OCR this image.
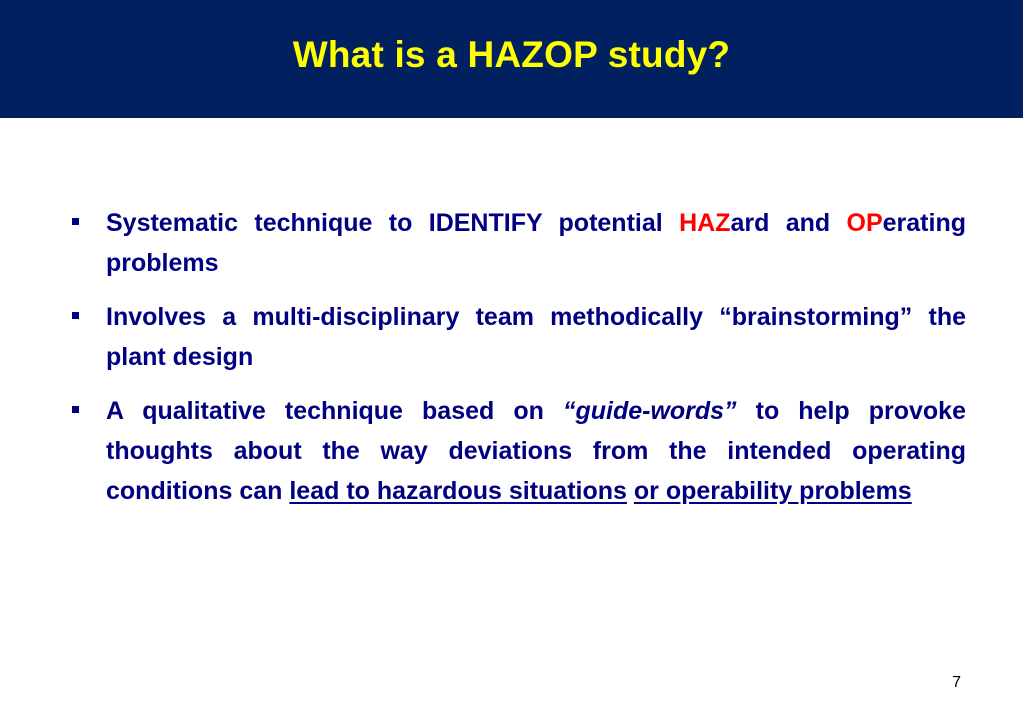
What is a HAZOP study?
Systematic technique to IDENTIFY potential HAZard and OPerating problems
Involves a multi-disciplinary team methodically “brainstorming” the plant design
A qualitative technique based on “guide-words” to help provoke thoughts about the way deviations from the intended operating conditions can lead to hazardous situations or operability problems
7
